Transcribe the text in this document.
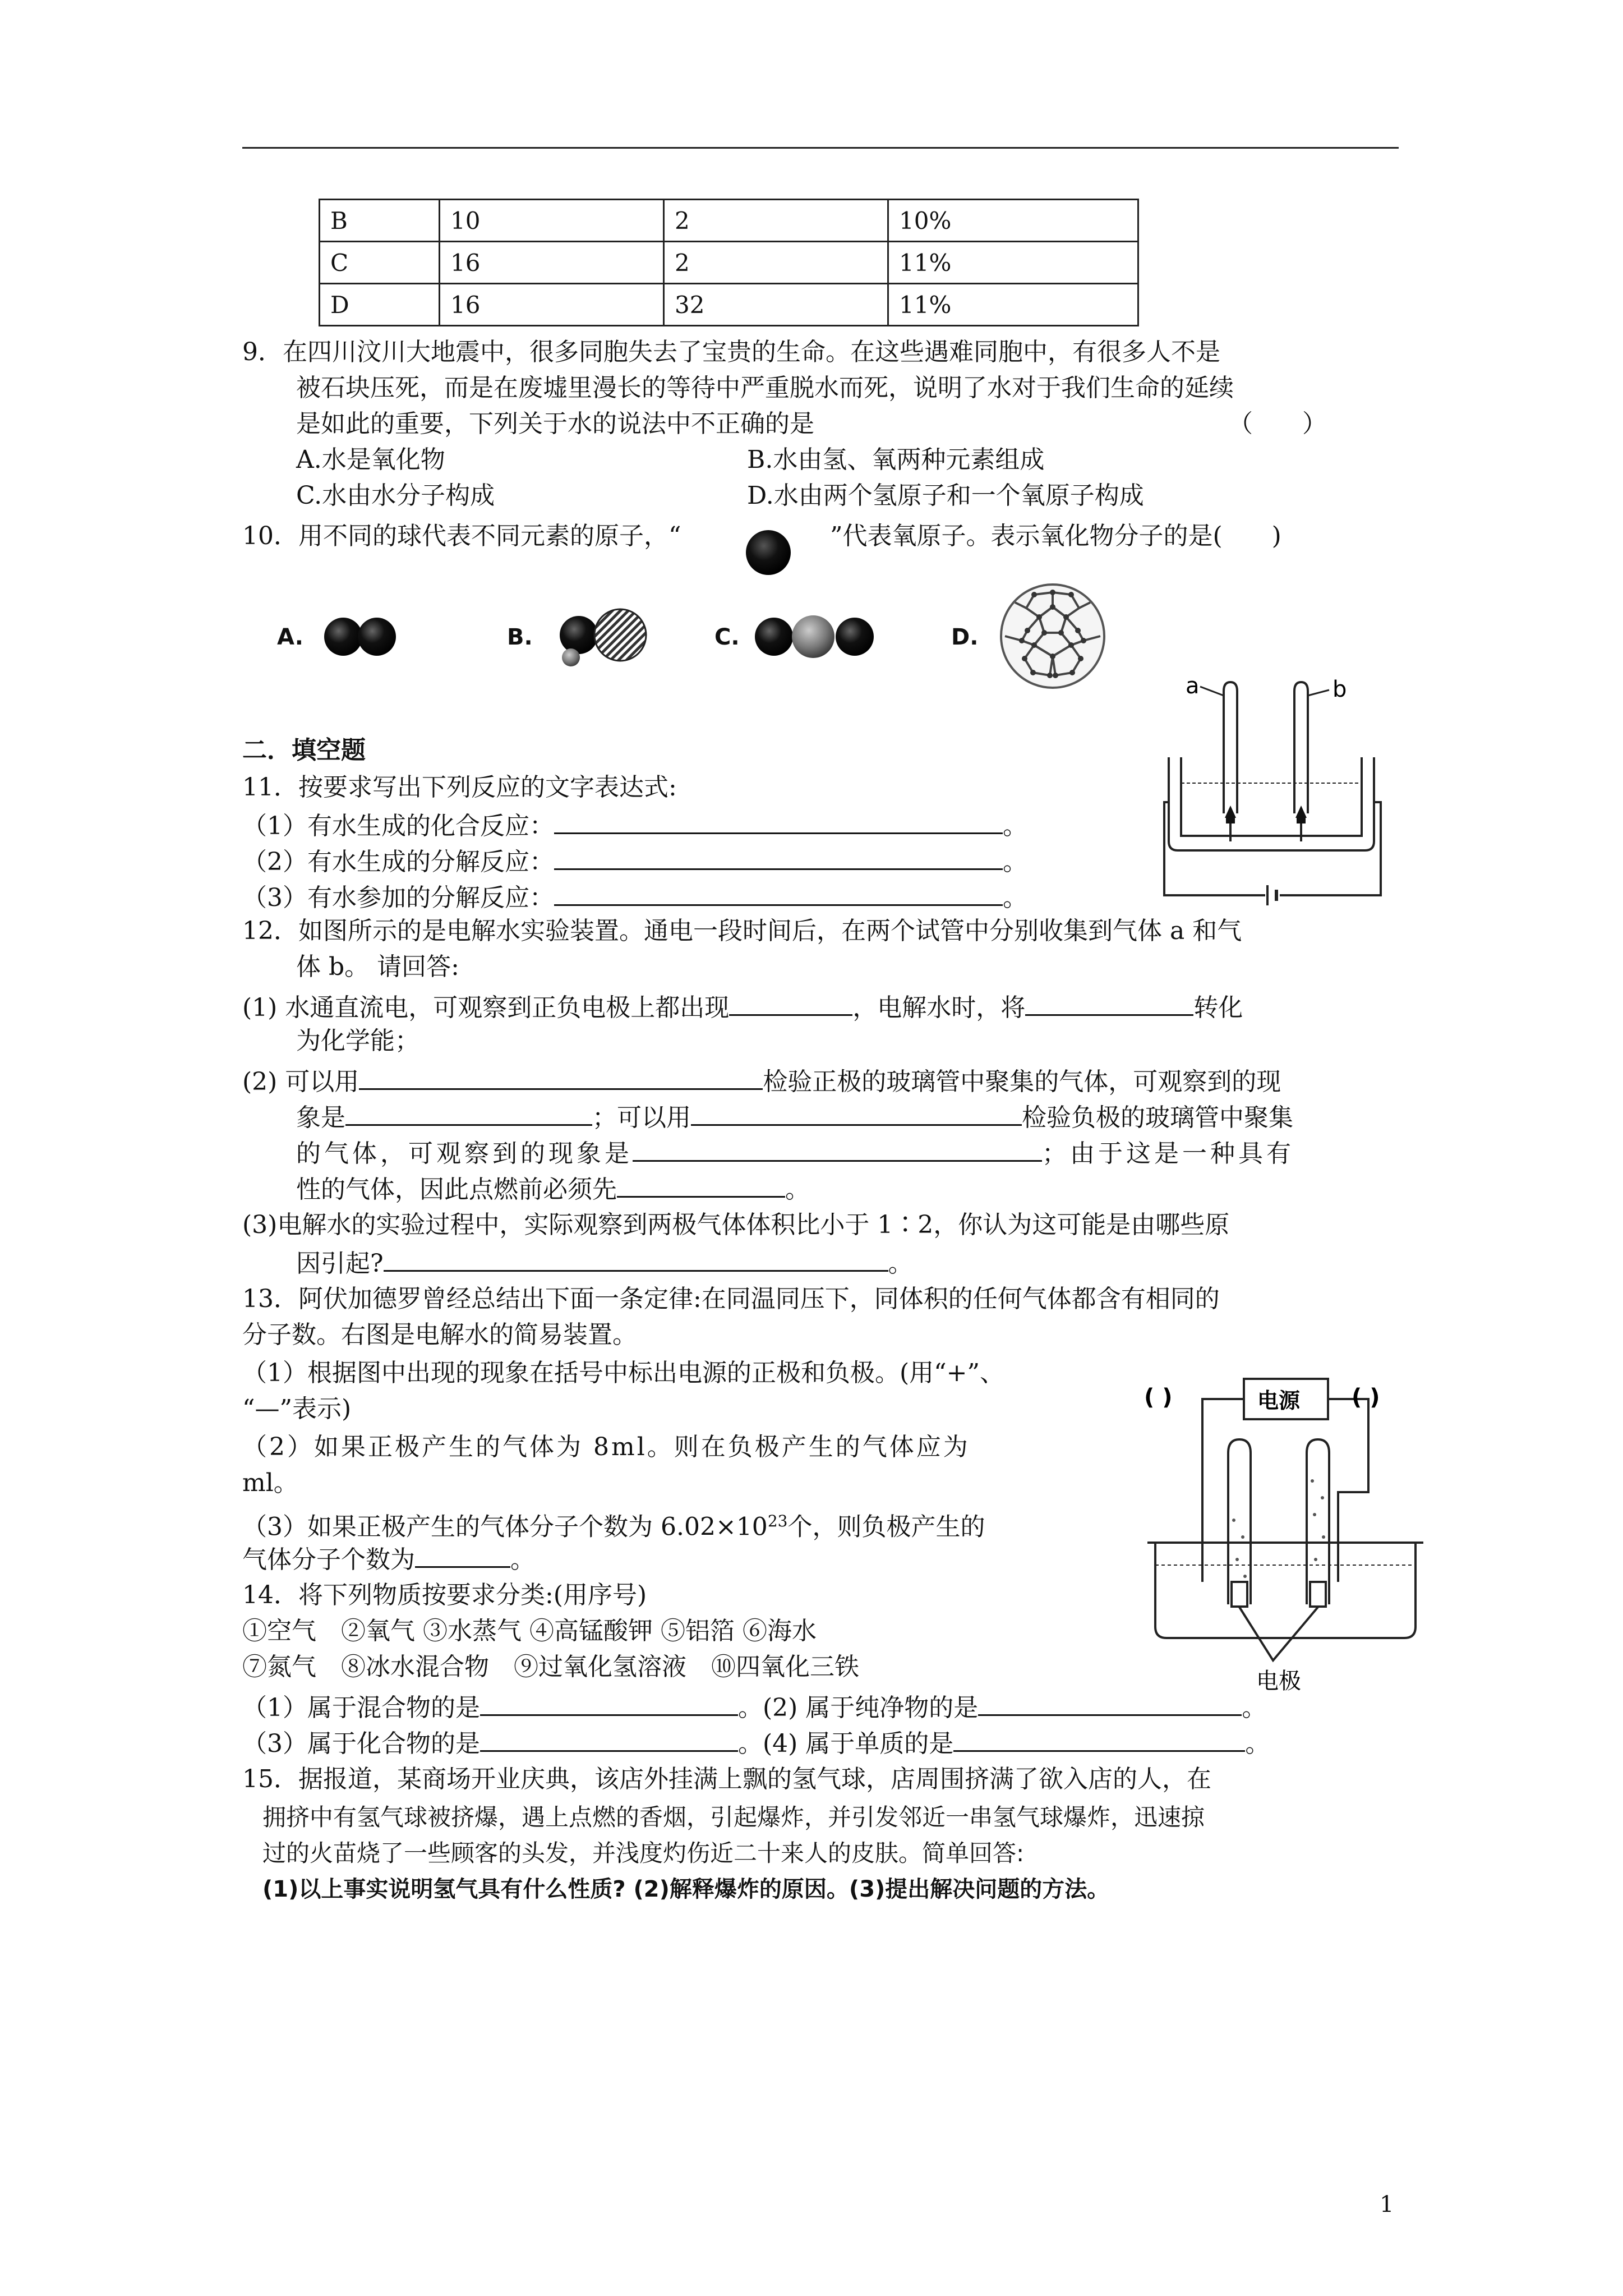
B	10	2	10%
C	16	2	11%
D	16	32	11%
9．在四川汶川大地震中，很多同胞失去了宝贵的生命。在这些遇难同胞中，有很多人不是
被石块压死，而是在废墟里漫长的等待中严重脱水而死，说明了水对于我们生命的延续
是如此的重要，下列关于水的说法中不正确的是	（　　）
A.水是氧化物	B.水由氢、氧两种元素组成
C.水由水分子构成	D.水由两个氢原子和一个氧原子构成
10．用不同的球代表不同元素的原子，“	”代表氧原子。表示氧化物分子的是(　　)
A.	B.	C.	D.
a	b
二．填空题
11．按要求写出下列反应的文字表达式:
（1）有水生成的化合反应：	。
（2）有水生成的分解反应：	。
（3）有水参加的分解反应：	。
12．如图所示的是电解水实验装置。通电一段时间后，在两个试管中分别收集到气体 a 和气
体 b。 请回答:
(1) 水通直流电，可观察到正负电极上都出现	，电解水时，将	转化
为化学能；
(2) 可以用	检验正极的玻璃管中聚集的气体，可观察到的现
象是	；可以用	检验负极的玻璃管中聚集
的气体，可观察到的现象是	；由于这是一种具有
性的气体，因此点燃前必须先	。
(3)电解水的实验过程中，实际观察到两极气体体积比小于 1∶2，你认为这可能是由哪些原
因引起?	。
13．阿伏加德罗曾经总结出下面一条定律:在同温同压下，同体积的任何气体都含有相同的
分子数。右图是电解水的简易装置。
（1）根据图中出现的现象在括号中标出电源的正极和负极。(用“+”、
“—”表示)
（2）如果正极产生的气体为 8ml。则在负极产生的气体应为
ml。
（3）如果正极产生的气体分子个数为 $6.02\times 10^{23}$个，则负极产生的
气体分子个数为	。
电源
( )	( )
电极
14．将下列物质按要求分类:(用序号)
①空气　②氧气 ③水蒸气 ④高锰酸钾 ⑤铝箔 ⑥海水
⑦氮气　⑧冰水混合物　⑨过氧化氢溶液　⑩四氧化三铁
（1）属于混合物的是	。(2) 属于纯净物的是	。
（3）属于化合物的是	。(4) 属于单质的是	。
15．据报道，某商场开业庆典，该店外挂满上飘的氢气球，店周围挤满了欲入店的人，在
拥挤中有氢气球被挤爆，遇上点燃的香烟，引起爆炸，并引发邻近一串氢气球爆炸，迅速掠
过的火苗烧了一些顾客的头发，并浅度灼伤近二十来人的皮肤。简单回答:
(1)以上事实说明氢气具有什么性质? (2)解释爆炸的原因。(3)提出解决问题的方法。
1
